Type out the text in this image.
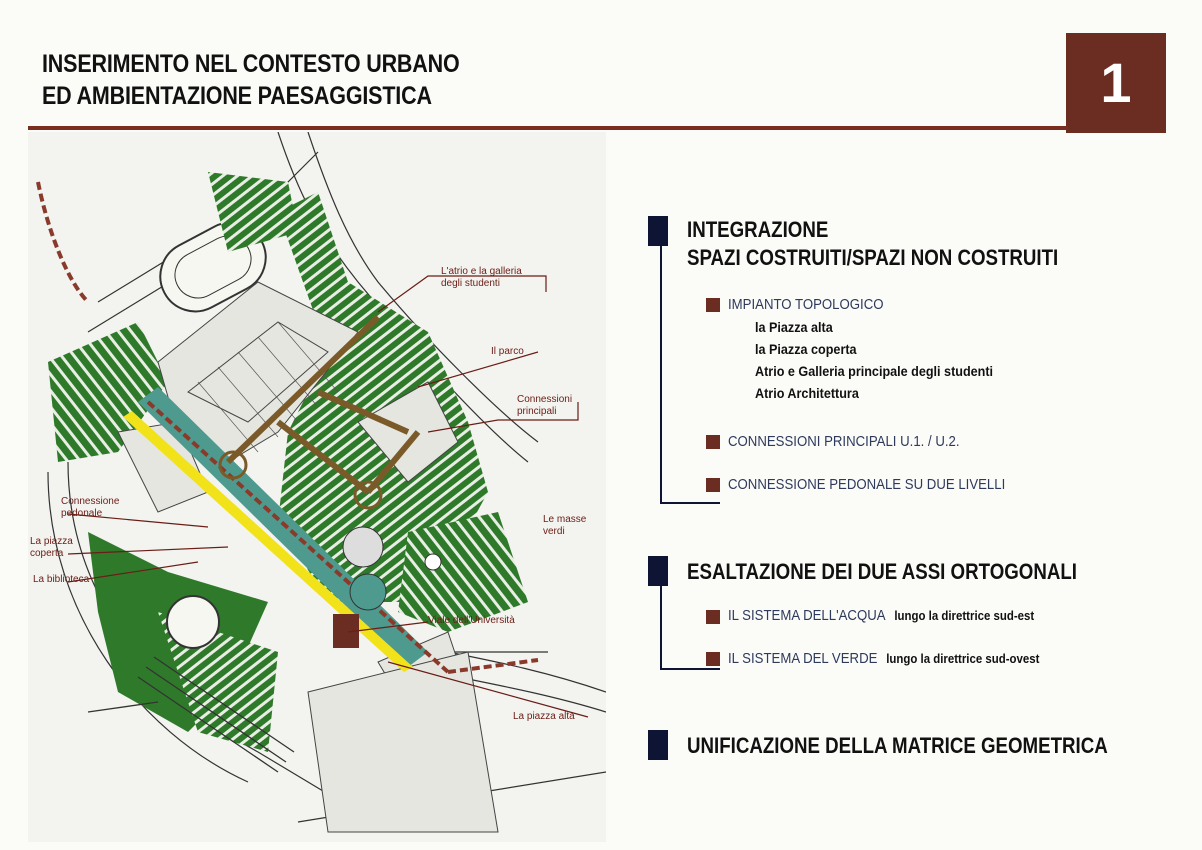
INSERIMENTO NEL CONTESTO URBANO
ED AMBIENTAZIONE PAESAGGISTICA	1
L'atrio e la galleria
degli studenti
Il parco
Connessioni
principali
Connessione
pedonale
La piazza
coperta
La biblioteca
Le masse
verdi
Viale dell'Università
La piazza alta
INTEGRAZIONE
SPAZI COSTRUITI/SPAZI NON COSTRUITI
IMPIANTO TOPOLOGICO
la Piazza alta
la Piazza coperta
Atrio e Galleria principale degli studenti
Atrio Architettura
CONNESSIONI PRINCIPALI U.1. / U.2.
CONNESSIONE PEDONALE SU DUE LIVELLI
ESALTAZIONE DEI DUE ASSI ORTOGONALI
IL SISTEMA DELL'ACQUA lungo la direttrice sud-est
IL SISTEMA DEL VERDE lungo la direttrice sud-ovest
UNIFICAZIONE DELLA MATRICE GEOMETRICA
